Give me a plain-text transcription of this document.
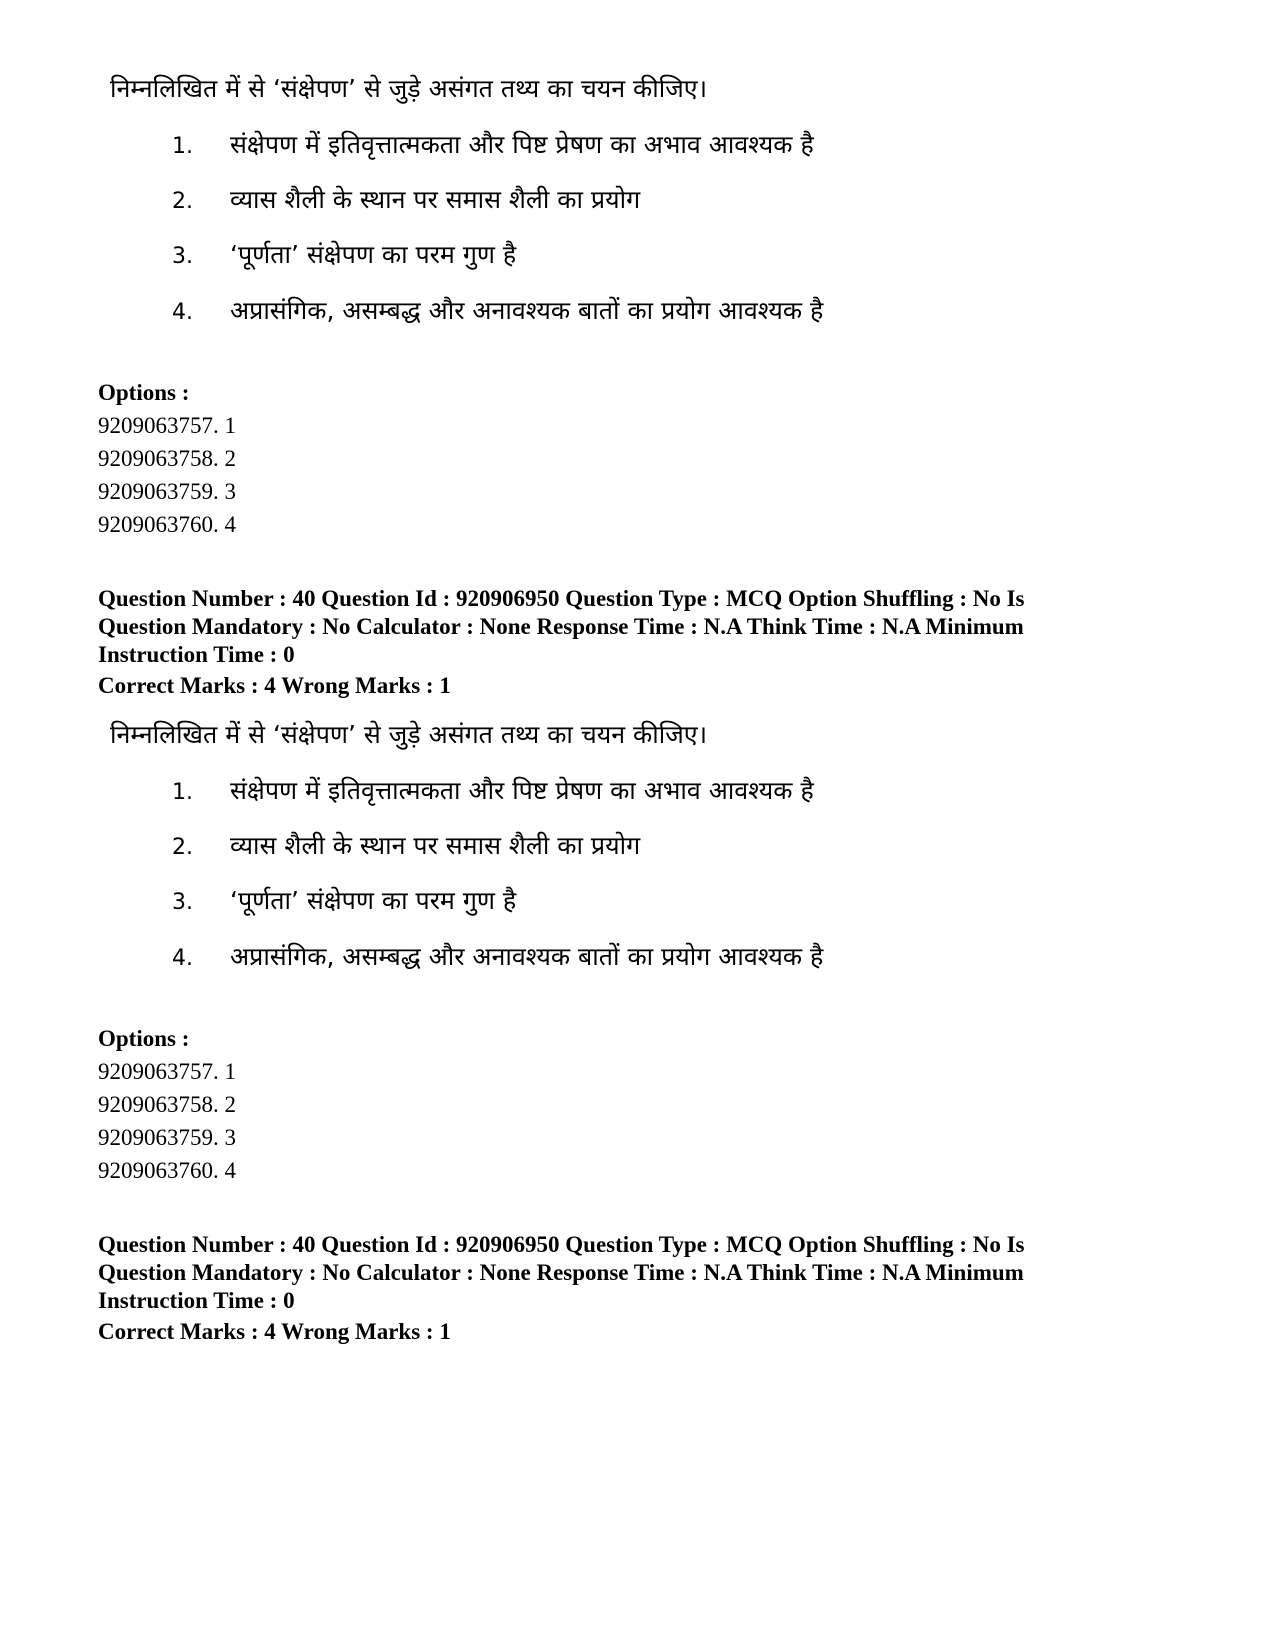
निम्नलिखित में से ‘संक्षेपण’ से जुड़े असंगत तथ्य का चयन कीजिए।
1. संक्षेपण में इतिवृत्तात्मकता और पिष्ट प्रेषण का अभाव आवश्यक है
2. व्यास शैली के स्थान पर समास शैली का प्रयोग
3. ‘पूर्णता’ संक्षेपण का परम गुण है
4. अप्रासंगिक, असम्बद्ध और अनावश्यक बातों का प्रयोग आवश्यक है
Options :
9209063757. 1
9209063758. 2
9209063759. 3
9209063760. 4
Question Number : 40 Question Id : 920906950 Question Type : MCQ Option Shuffling : No Is Question Mandatory : No Calculator : None Response Time : N.A Think Time : N.A Minimum Instruction Time : 0
Correct Marks : 4 Wrong Marks : 1
निम्नलिखित में से ‘संक्षेपण’ से जुड़े असंगत तथ्य का चयन कीजिए।
1. संक्षेपण में इतिवृत्तात्मकता और पिष्ट प्रेषण का अभाव आवश्यक है
2. व्यास शैली के स्थान पर समास शैली का प्रयोग
3. ‘पूर्णता’ संक्षेपण का परम गुण है
4. अप्रासंगिक, असम्बद्ध और अनावश्यक बातों का प्रयोग आवश्यक है
Options :
9209063757. 1
9209063758. 2
9209063759. 3
9209063760. 4
Question Number : 40 Question Id : 920906950 Question Type : MCQ Option Shuffling : No Is Question Mandatory : No Calculator : None Response Time : N.A Think Time : N.A Minimum Instruction Time : 0
Correct Marks : 4 Wrong Marks : 1
